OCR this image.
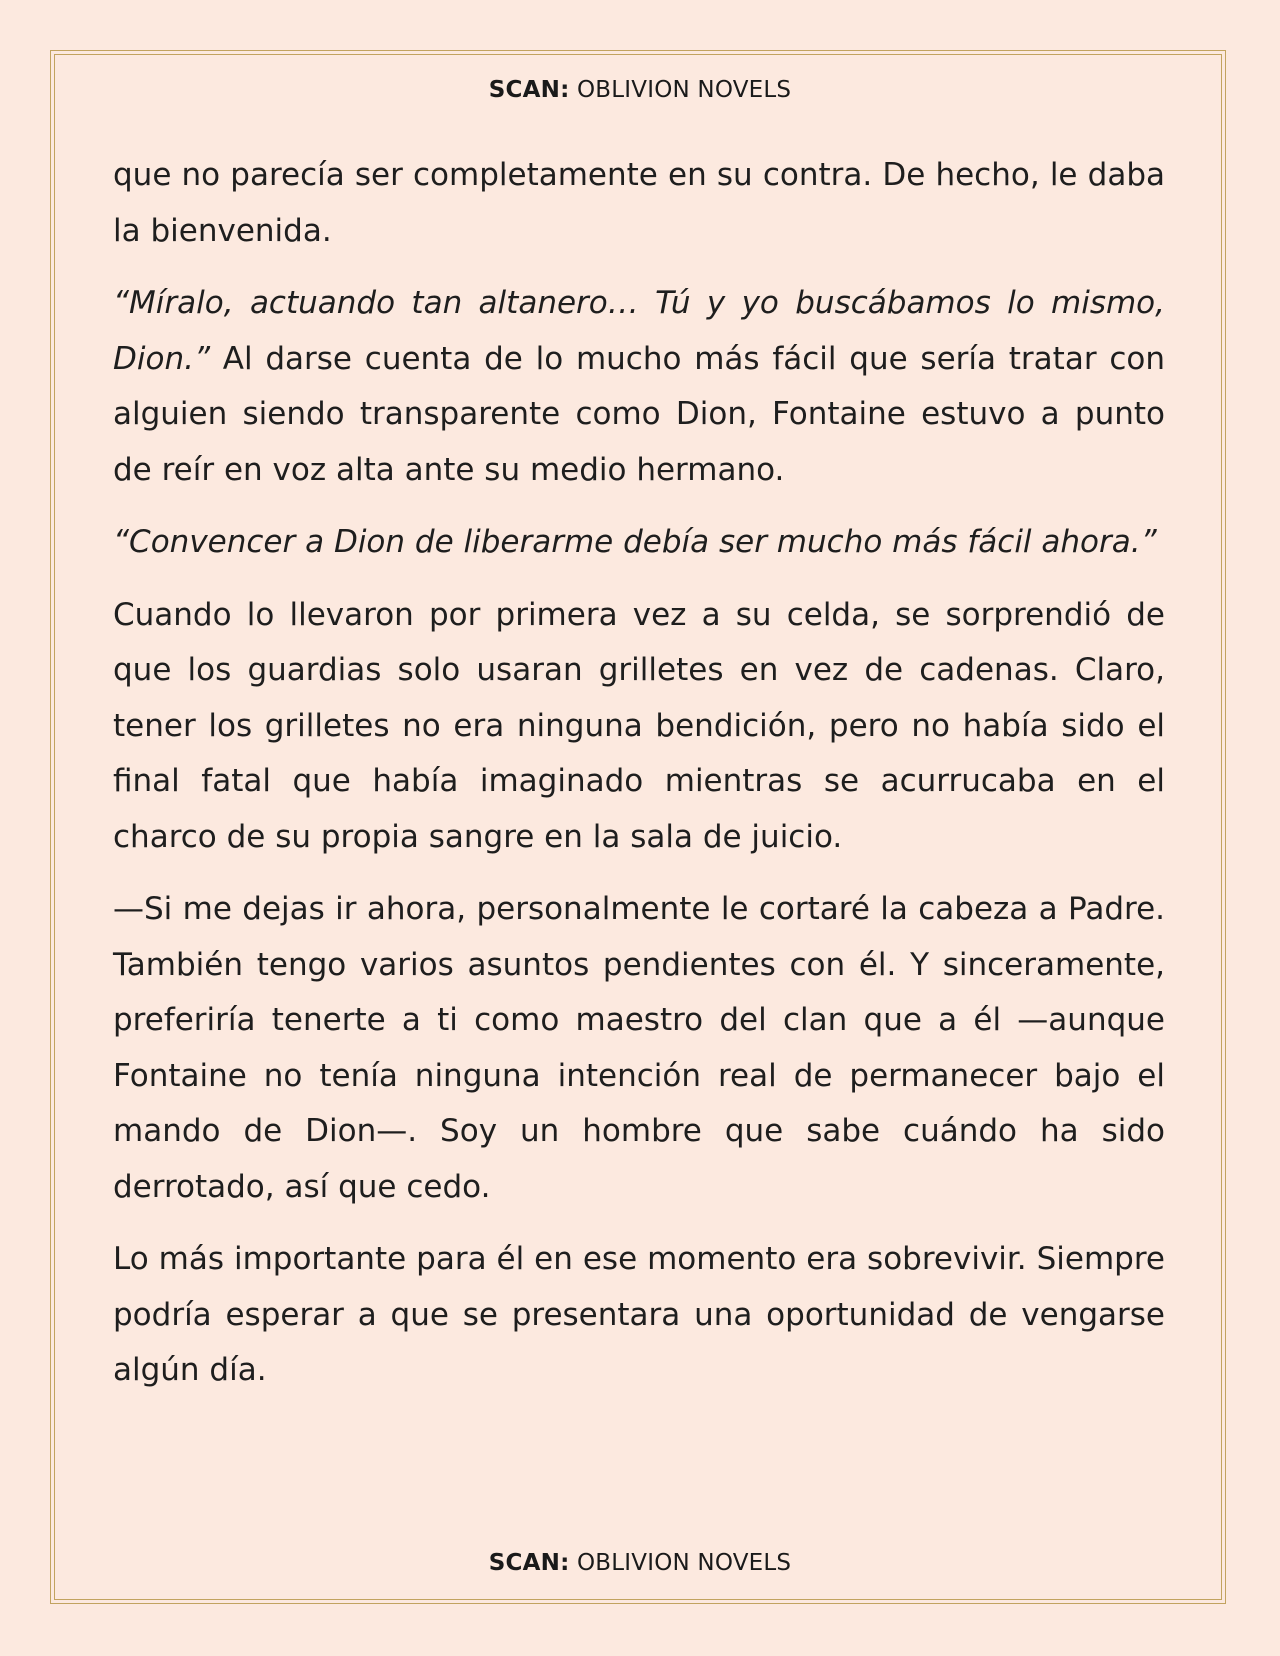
SCAN: OBLIVION NOVELS

que no parecía ser completamente en su contra. De hecho, le daba la bienvenida.

“Míralo, actuando tan altanero… Tú y yo buscábamos lo mismo, Dion.” Al darse cuenta de lo mucho más fácil que sería tratar con alguien siendo transparente como Dion, Fontaine estuvo a punto de reír en voz alta ante su medio hermano.

“Convencer a Dion de liberarme debía ser mucho más fácil ahora.”

Cuando lo llevaron por primera vez a su celda, se sorprendió de que los guardias solo usaran grilletes en vez de cadenas. Claro, tener los grilletes no era ninguna bendición, pero no había sido el final fatal que había imaginado mientras se acurrucaba en el charco de su propia sangre en la sala de juicio.

—Si me dejas ir ahora, personalmente le cortaré la cabeza a Padre. También tengo varios asuntos pendientes con él. Y sinceramente, preferiría tenerte a ti como maestro del clan que a él —aunque Fontaine no tenía ninguna intención real de permanecer bajo el mando de Dion—. Soy un hombre que sabe cuándo ha sido derrotado, así que cedo.

Lo más importante para él en ese momento era sobrevivir. Siempre podría esperar a que se presentara una oportunidad de vengarse algún día.

SCAN: OBLIVION NOVELS
